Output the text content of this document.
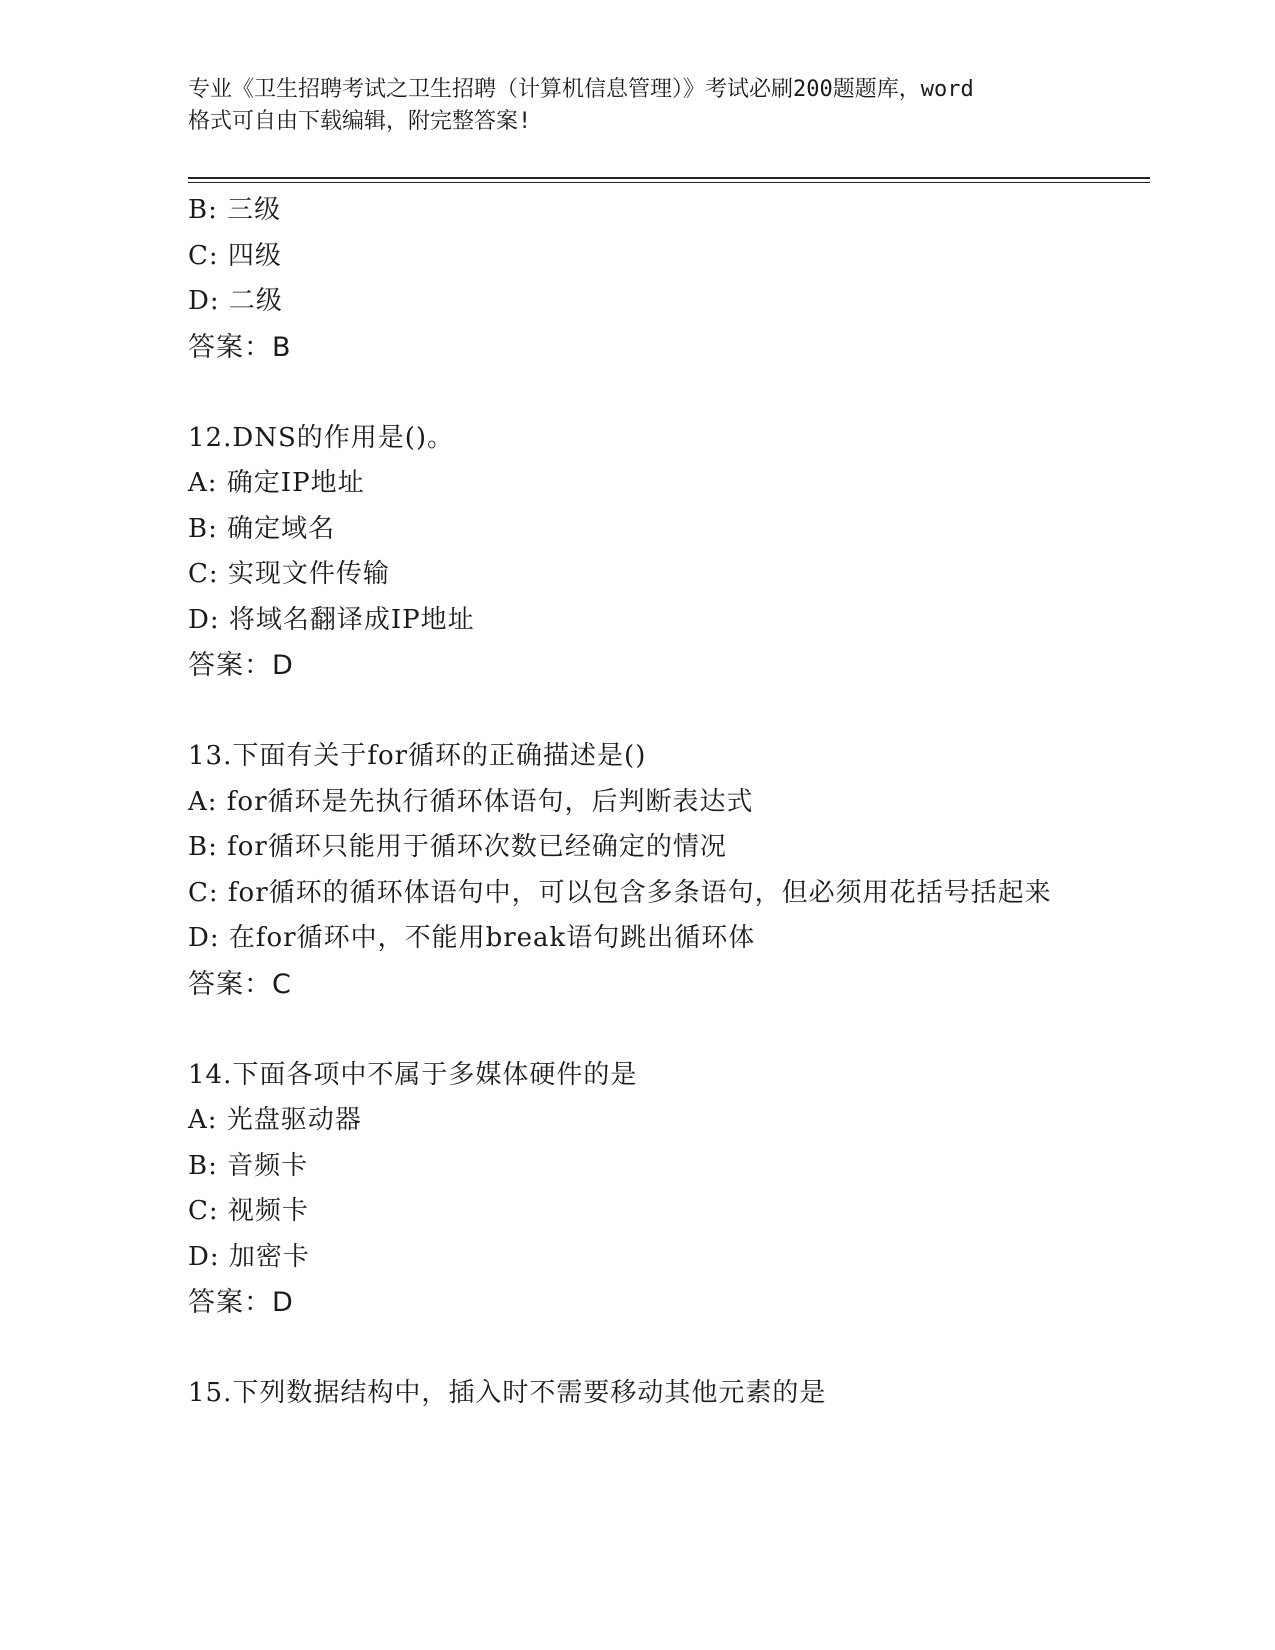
专业《卫生招聘考试之卫生招聘（计算机信息管理）》考试必刷200题题库，word
格式可自由下载编辑，附完整答案!
B: 三级
C: 四级
D: 二级
答案：B
12.DNS的作用是()。
A: 确定IP地址
B: 确定域名
C: 实现文件传输
D: 将域名翻译成IP地址
答案：D
13.下面有关于for循环的正确描述是()
A: for循环是先执行循环体语句，后判断表达式
B: for循环只能用于循环次数已经确定的情况
C: for循环的循环体语句中，可以包含多条语句，但必须用花括号括起来
D: 在for循环中，不能用break语句跳出循环体
答案：C
14.下面各项中不属于多媒体硬件的是
A: 光盘驱动器
B: 音频卡
C: 视频卡
D: 加密卡
答案：D
15.下列数据结构中，插入时不需要移动其他元素的是
